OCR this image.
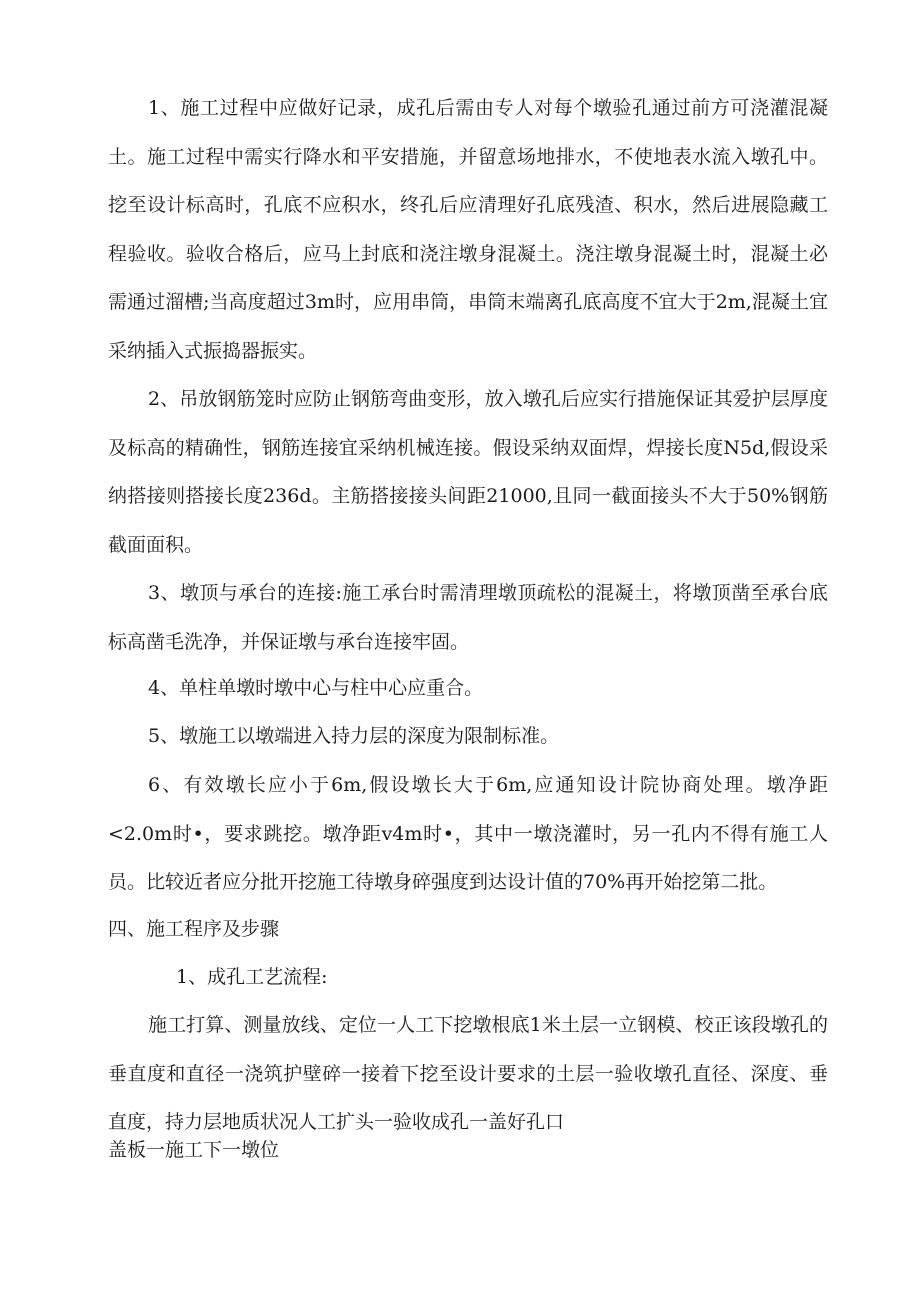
1、施工过程中应做好记录，成孔后需由专人对每个墩验孔通过前方可浇灌混凝土。施工过程中需实行降水和平安措施，并留意场地排水，不使地表水流入墩孔中。挖至设计标高时，孔底不应积水，终孔后应清理好孔底残渣、积水，然后进展隐藏工程验收。验收合格后，应马上封底和浇注墩身混凝土。浇注墩身混凝土时，混凝土必需通过溜槽;当高度超过3m时，应用串筒，串筒末端离孔底高度不宜大于2m,混凝土宜采纳插入式振捣器振实。

2、吊放钢筋笼时应防止钢筋弯曲变形，放入墩孔后应实行措施保证其爱护层厚度及标高的精确性，钢筋连接宜采纳机械连接。假设采纳双面焊，焊接长度N5d,假设采纳搭接则搭接长度236d。主筋搭接接头间距21000,且同一截面接头不大于50%钢筋截面面积。

3、墩顶与承台的连接:施工承台时需清理墩顶疏松的混凝土，将墩顶凿至承台底标高凿毛洗净，并保证墩与承台连接牢固。

4、单柱单墩时墩中心与柱中心应重合。

5、墩施工以墩端进入持力层的深度为限制标准。

6、有效墩长应小于6m,假设墩长大于6m,应通知设计院协商处理。墩净距<2.0m时•，要求跳挖。墩净距v4m时•，其中一墩浇灌时，另一孔内不得有施工人员。比较近者应分批开挖施工待墩身碎强度到达设计值的70%再开始挖第二批。

四、施工程序及步骤

1、成孔工艺流程:

施工打算、测量放线、定位一人工下挖墩根底1米土层一立钢模、校正该段墩孔的垂直度和直径一浇筑护壁碎一接着下挖至设计要求的土层一验收墩孔直径、深度、垂直度，持力层地质状况人工扩头一验收成孔一盖好孔口

盖板一施工下一墩位
